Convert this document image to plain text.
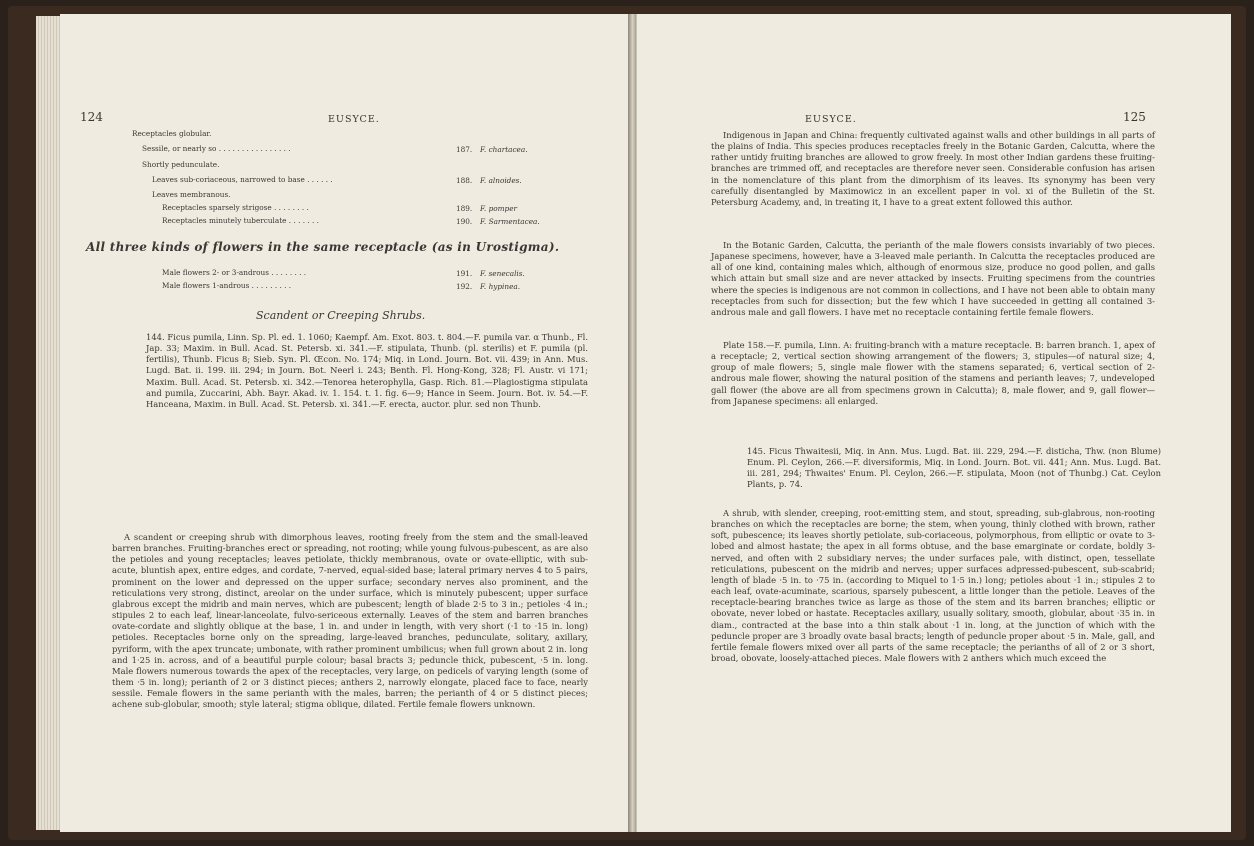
124	EUSYCE.
Receptacles globular.
Sessile, or nearly so . . . . . . . . . . . . . . . .	187. F. chartacea.
Shortly pedunculate.
Leaves sub-coriaceous, narrowed to base . . . . . .	188. F. alnoides.
Leaves membranous.
Receptacles sparsely strigose . . . . . . . .	189. F. pomper
Receptacles minutely tuberculate . . . . . . .	190. F. Sarmentacea.
All three kinds of flowers in the same receptacle (as in Urostigma).
Male flowers 2- or 3-androus . . . . . . . .	191. F. senecalis.
Male flowers 1-androus . . . . . . . . .	192. F. hypinea.
Scandent or Creeping Shrubs.
144. Ficus pumila, Linn. Sp. Pl. ed. 1. 1060; Kaempf. Am. Exot. 803. t. 804.—F. pumila var. α Thunb., Fl. Jap. 33; Maxim. in Bull. Acad. St. Petersb. xi. 341.—F. stipulata, Thunb. (pl. sterilis) et F. pumila (pl. fertilis), Thunb. Ficus 8; Sieb. Syn. Pl. Œcon. No. 174; Miq. in Lond. Journ. Bot. vii. 439; in Ann. Mus. Lugd. Bat. ii. 199. iii. 294; in Journ. Bot. Neerl i. 243; Benth. Fl. Hong-Kong, 328; Fl. Austr. vi 171; Maxim. Bull. Acad. St. Petersb. xi. 342.—Tenorea heterophylla, Gasp. Rich. 81.—Plagiostigma stipulata and pumila, Zuccarini, Abh. Bayr. Akad. iv. 1. 154. t. 1. fig. 6—9; Hance in Seem. Journ. Bot. iv. 54.—F. Hanceana, Maxim. in Bull. Acad. St. Petersb. xi. 341.—F. erecta, auctor. plur. sed non Thunb.
A scandent or creeping shrub with dimorphous leaves, rooting freely from the stem and the small-leaved barren branches. Fruiting-branches erect or spreading, not rooting; while young fulvous-pubescent, as are also the petioles and young receptacles; leaves petiolate, thickly membranous, ovate or ovate-elliptic, with sub-acute, bluntish apex, entire edges, and cordate, 7-nerved, equal-sided base; lateral primary nerves 4 to 5 pairs, prominent on the lower and depressed on the upper surface; secondary nerves also prominent, and the reticulations very strong, distinct, areolar on the under surface, which is minutely pubescent; upper surface glabrous except the midrib and main nerves, which are pubescent; length of blade 2·5 to 3 in.; petioles ·4 in.; stipules 2 to each leaf, linear-lanceolate, fulvo-sericeous externally. Leaves of the stem and barren branches ovate-cordate and slightly oblique at the base, 1 in. and under in length, with very short (·1 to ·15 in. long) petioles. Receptacles borne only on the spreading, large-leaved branches, pedunculate, solitary, axillary, pyriform, with the apex truncate; umbonate, with rather prominent umbilicus; when full grown about 2 in. long and 1·25 in. across, and of a beautiful purple colour; basal bracts 3; peduncle thick, pubescent, ·5 in. long. Male flowers numerous towards the apex of the receptacles, very large, on pedicels of varying length (some of them ·5 in. long); perianth of 2 or 3 distinct pieces; anthers 2, narrowly elongate, placed face to face, nearly sessile. Female flowers in the same perianth with the males, barren; the perianth of 4 or 5 distinct pieces; achene sub-globular, smooth; style lateral; stigma oblique, dilated. Fertile female flowers unknown.
EUSYCE.	125
Indigenous in Japan and China: frequently cultivated against walls and other buildings in all parts of the plains of India. This species produces receptacles freely in the Botanic Garden, Calcutta, where the rather untidy fruiting branches are allowed to grow freely. In most other Indian gardens these fruiting-branches are trimmed off, and receptacles are therefore never seen. Considerable confusion has arisen in the nomenclature of this plant from the dimorphism of its leaves. Its synonymy has been very carefully disentangled by Maximowicz in an excellent paper in vol. xi of the Bulletin of the St. Petersburg Academy, and, in treating it, I have to a great extent followed this author.
In the Botanic Garden, Calcutta, the perianth of the male flowers consists invariably of two pieces. Japanese specimens, however, have a 3-leaved male perianth. In Calcutta the receptacles produced are all of one kind, containing males which, although of enormous size, produce no good pollen, and galls which attain but small size and are never attacked by insects. Fruiting specimens from the countries where the species is indigenous are not common in collections, and I have not been able to obtain many receptacles from such for dissection; but the few which I have succeeded in getting all contained 3-androus male and gall flowers. I have met no receptacle containing fertile female flowers.
Plate 158.—F. pumila, Linn. A: fruiting-branch with a mature receptacle. B: barren branch. 1, apex of a receptacle; 2, vertical section showing arrangement of the flowers; 3, stipules—of natural size; 4, group of male flowers; 5, single male flower with the stamens separated; 6, vertical section of 2-androus male flower, showing the natural position of the stamens and perianth leaves; 7, undeveloped gall flower (the above are all from specimens grown in Calcutta); 8, male flower, and 9, gall flower—from Japanese specimens: all enlarged.
145. Ficus Thwaitesii, Miq. in Ann. Mus. Lugd. Bat. iii. 229, 294.—F. disticha, Thw. (non Blume) Enum. Pl. Ceylon, 266.—F. diversiformis, Miq. in Lond. Journ. Bot. vii. 441; Ann. Mus. Lugd. Bat. iii. 281, 294; Thwaites' Enum. Pl. Ceylon, 266.—F. stipulata, Moon (not of Thunbg.) Cat. Ceylon Plants, p. 74.
A shrub, with slender, creeping, root-emitting stem, and stout, spreading, sub-glabrous, non-rooting branches on which the receptacles are borne; the stem, when young, thinly clothed with brown, rather soft, pubescence; its leaves shortly petiolate, sub-coriaceous, polymorphous, from elliptic or ovate to 3-lobed and almost hastate; the apex in all forms obtuse, and the base emarginate or cordate, boldly 3-nerved, and often with 2 subsidiary nerves; the under surfaces pale, with distinct, open, tessellate reticulations, pubescent on the midrib and nerves; upper surfaces adpressed-pubescent, sub-scabrid; length of blade ·5 in. to ·75 in. (according to Miquel to 1·5 in.) long; petioles about ·1 in.; stipules 2 to each leaf, ovate-acuminate, scarious, sparsely pubescent, a little longer than the petiole. Leaves of the receptacle-bearing branches twice as large as those of the stem and its barren branches; elliptic or obovate, never lobed or hastate. Receptacles axillary, usually solitary, smooth, globular, about ·35 in. in diam., contracted at the base into a thin stalk about ·1 in. long, at the junction of which with the peduncle proper are 3 broadly ovate basal bracts; length of peduncle proper about ·5 in. Male, gall, and fertile female flowers mixed over all parts of the same receptacle; the perianths of all of 2 or 3 short, broad, obovate, loosely-attached pieces. Male flowers with 2 anthers which much exceed the
